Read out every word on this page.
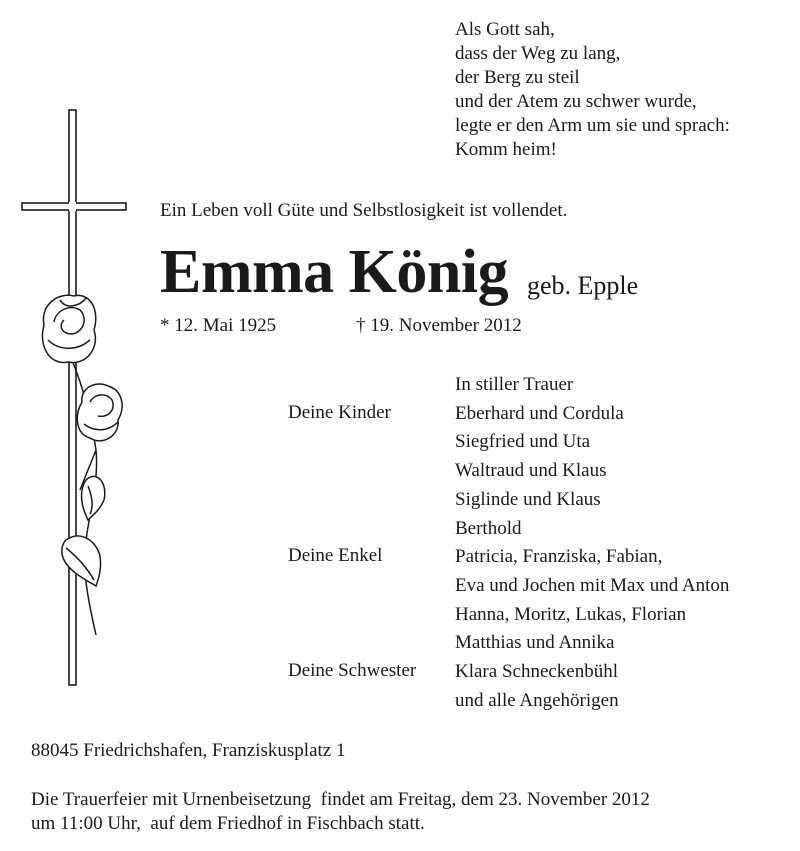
Als Gott sah,
dass der Weg zu lang,
der Berg zu steil
und der Atem zu schwer wurde,
legte er den Arm um sie und sprach:
Komm heim!
Ein Leben voll Güte und Selbstlosigkeit ist vollendet.
Emma König geb. Epple
* 12. Mai 1925	† 19. November 2012
Deine Kinder
Deine Enkel
Deine Schwester
In stiller Trauer
Eberhard und Cordula
Siegfried und Uta
Waltraud und Klaus
Siglinde und Klaus
Berthold
Patricia, Franziska, Fabian,
Eva und Jochen mit Max und Anton
Hanna, Moritz, Lukas, Florian
Matthias und Annika
Klara Schneckenbühl
und alle Angehörigen
88045 Friedrichshafen, Franziskusplatz 1
Die Trauerfeier mit Urnenbeisetzung  findet am Freitag, dem 23. November 2012
um 11:00 Uhr,  auf dem Friedhof in Fischbach statt.
